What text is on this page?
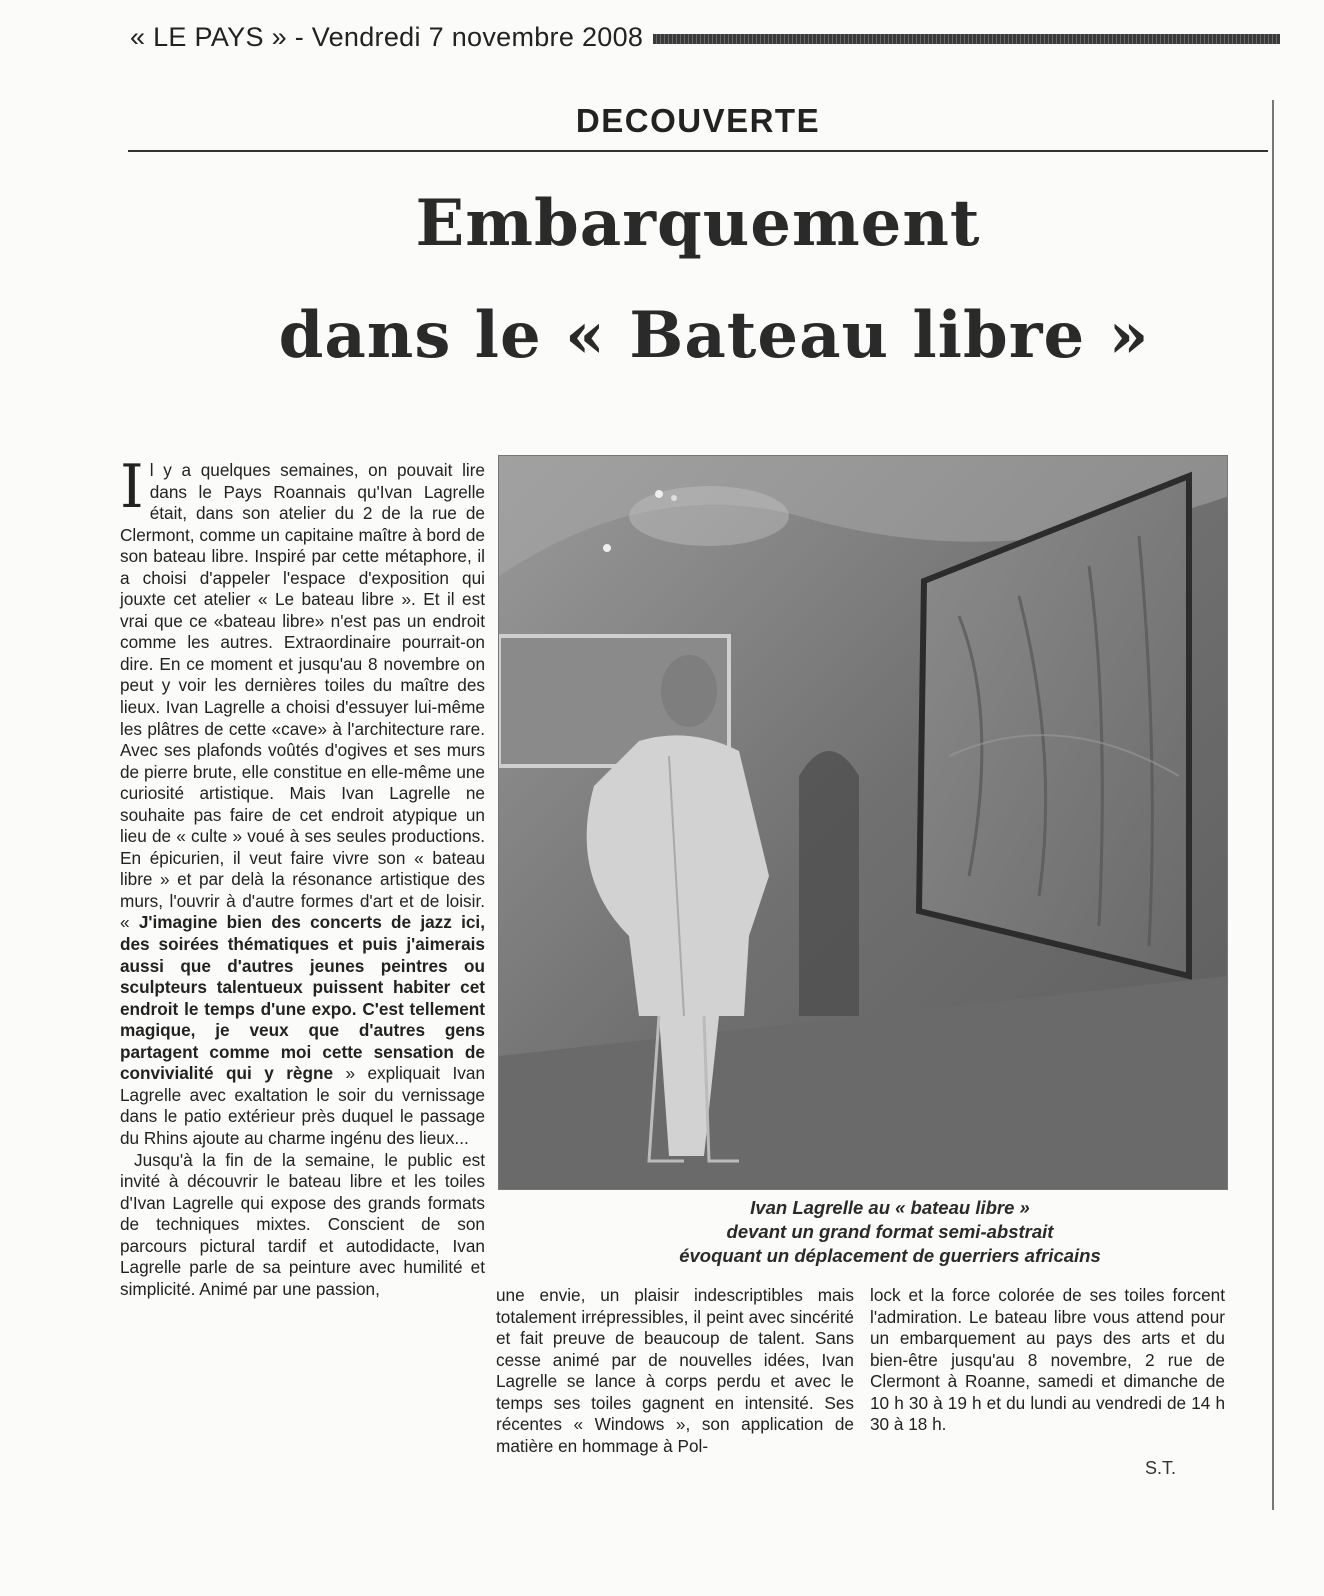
« LE PAYS » - Vendredi 7 novembre 2008
DECOUVERTE
Embarquement
dans le « Bateau libre »

Il y a quelques semaines, on pouvait lire dans le Pays Roannais qu'Ivan Lagrelle était, dans son atelier du 2 de la rue de Clermont, comme un capitaine maître à bord de son bateau libre. Inspiré par cette métaphore, il a choisi d'appeler l'espace d'exposition qui jouxte cet atelier « Le bateau libre ». Et il est vrai que ce «bateau libre» n'est pas un endroit comme les autres. Extraordinaire pourrait-on dire. En ce moment et jusqu'au 8 novembre on peut y voir les dernières toiles du maître des lieux. Ivan Lagrelle a choisi d'essuyer lui-même les plâtres de cette «cave» à l'architecture rare. Avec ses plafonds voûtés d'ogives et ses murs de pierre brute, elle constitue en elle-même une curiosité artistique. Mais Ivan Lagrelle ne souhaite pas faire de cet endroit atypique un lieu de « culte » voué à ses seules productions. En épicurien, il veut faire vivre son « bateau libre » et par delà la résonance artistique des murs, l'ouvrir à d'autre formes d'art et de loisir. « J'imagine bien des concerts de jazz ici, des soirées thématiques et puis j'aimerais aussi que d'autres jeunes peintres ou sculpteurs talentueux puissent habiter cet endroit le temps d'une expo. C'est tellement magique, je veux que d'autres gens partagent comme moi cette sensation de convivialité qui y règne » expliquait Ivan Lagrelle avec exaltation le soir du vernissage dans le patio extérieur près duquel le passage du Rhins ajoute au charme ingénu des lieux...

Jusqu'à la fin de la semaine, le public est invité à découvrir le bateau libre et les toiles d'Ivan Lagrelle qui expose des grands formats de techniques mixtes. Conscient de son parcours pictural tardif et autodidacte, Ivan Lagrelle parle de sa peinture avec humilité et simplicité. Animé par une passion,

Ivan Lagrelle au « bateau libre »
devant un grand format semi-abstrait
évoquant un déplacement de guerriers africains
une envie, un plaisir indescriptibles mais totalement irrépressibles, il peint avec sincérité et fait preuve de beaucoup de talent. Sans cesse animé par de nouvelles idées, Ivan Lagrelle se lance à corps perdu et avec le temps ses toiles gagnent en intensité. Ses récentes « Windows », son application de matière en hommage à Pol-
lock et la force colorée de ses toiles forcent l'admiration. Le bateau libre vous attend pour un embarquement au pays des arts et du bien-être jusqu'au 8 novembre, 2 rue de Clermont à Roanne, samedi et dimanche de 10 h 30 à 19 h et du lundi au vendredi de 14 h 30 à 18 h.
S.T.
